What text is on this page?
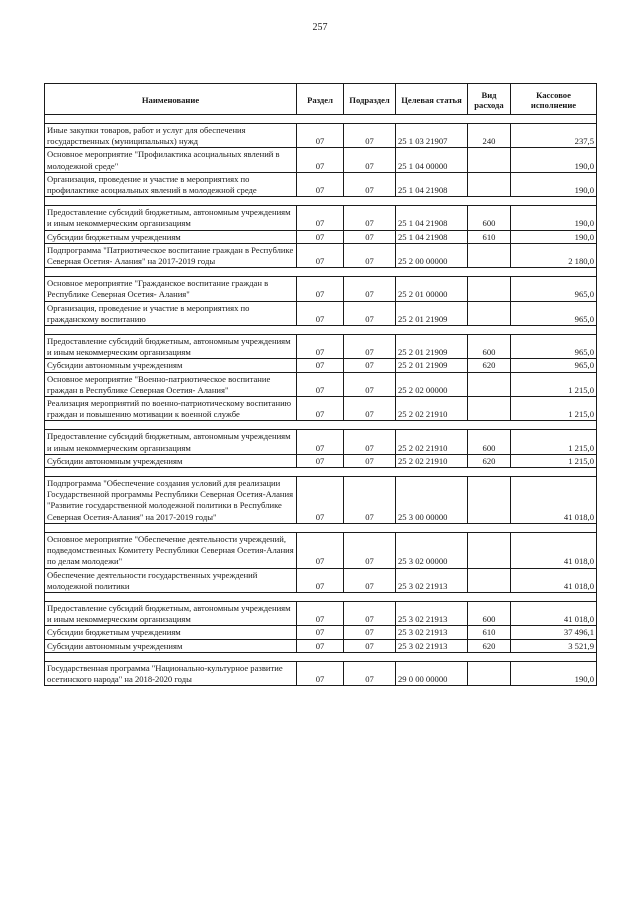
257
Наименование	Раздел	Подраздел	Целевая статья	Вид расхода	Кассовое исполнение

Иные закупки товаров, работ и услуг для обеспечения государственных (муниципальных) нужд	07	07	25 1 03 21907	240	237,5
Основное мероприятие "Профилактика асоциальных явлений в молодежной среде"	07	07	25 1 04 00000		190,0
Организация, проведение и участие в мероприятиях по профилактике асоциальных явлений в молодежной среде	07	07	25 1 04 21908		190,0

Предоставление субсидий бюджетным, автономным учреждениям и иным некоммерческим организациям	07	07	25 1 04 21908	600	190,0
Субсидии бюджетным учреждениям	07	07	25 1 04 21908	610	190,0
Подпрограмма "Патриотическое воспитание граждан в Республике Северная Осетия- Алания" на 2017-2019 годы	07	07	25 2 00 00000		2 180,0

Основное мероприятие "Гражданское воспитание граждан в Республике Северная Осетия- Алания"	07	07	25 2 01 00000		965,0
Организация, проведение и участие в мероприятиях по гражданскому воспитанию	07	07	25 2 01 21909		965,0

Предоставление субсидий бюджетным, автономным учреждениям и иным некоммерческим организациям	07	07	25 2 01 21909	600	965,0
Субсидии автономным учреждениям	07	07	25 2 01 21909	620	965,0
Основное мероприятие "Военно-патриотическое воспитание граждан в Республике Северная Осетия- Алания"	07	07	25 2 02 00000		1 215,0
Реализация мероприятий по военно-патриотическому воспитанию граждан и повышению мотивации к военной службе	07	07	25 2 02 21910		1 215,0

Предоставление субсидий бюджетным, автономным учреждениям и иным некоммерческим организациям	07	07	25 2 02 21910	600	1 215,0
Субсидии автономным учреждениям	07	07	25 2 02 21910	620	1 215,0

Подпрограмма "Обеспечение создания условий для реализации Государственной программы Республики Северная Осетия-Алания "Развитие государственной молодежной политики в Республике Северная Осетия-Алания" на 2017-2019 годы"	07	07	25 3 00 00000		41 018,0

Основное мероприятие "Обеспечение деятельности учреждений, подведомственных Комитету Республики Северная Осетия-Алания по делам молодежи"	07	07	25 3 02 00000		41 018,0
Обеспечение деятельности государственных учреждений молодежной политики	07	07	25 3 02 21913		41 018,0

Предоставление субсидий бюджетным, автономным учреждениям и иным некоммерческим организациям	07	07	25 3 02 21913	600	41 018,0
Субсидии бюджетным учреждениям	07	07	25 3 02 21913	610	37 496,1
Субсидии автономным учреждениям	07	07	25 3 02 21913	620	3 521,9

Государственная программа "Национально-культурное развитие осетинского народа" на 2018-2020 годы	07	07	29 0 00 00000		190,0
